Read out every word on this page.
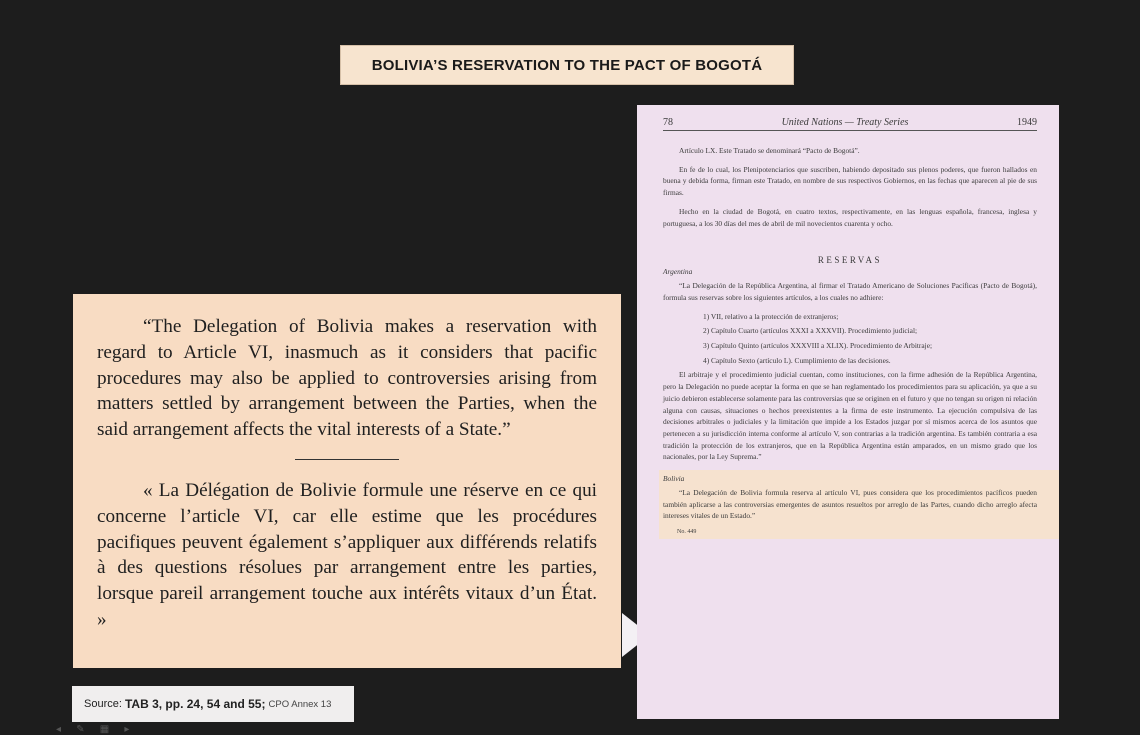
BOLIVIA’S RESERVATION TO THE PACT OF BOGOTÁ

“The Delegation of Bolivia makes a reservation with regard to Article VI, inasmuch as it considers that pacific procedures may also be applied to controversies arising from matters settled by arrangement between the Parties, when the said arrangement affects the vital interests of a State.”

« La Délégation de Bolivie formule une réserve en ce qui concerne l’article VI, car elle estime que les procédures pacifiques peuvent également s’appliquer aux différends relatifs à des questions résolues par arrangement entre les parties, lorsque pareil arrangement touche aux intérêts vitaux d’un État. »

Source:
TAB 3, pp. 24, 54 and 55;
CPO Annex 13
78	United Nations — Treaty Series	1949

Artículo LX. Este Tratado se denominará “Pacto de Bogotá”.

En fe de lo cual, los Plenipotenciarios que suscriben, habiendo depositado sus plenos poderes, que fueron hallados en buena y debida forma, firman este Tratado, en nombre de sus respectivos Gobiernos, en las fechas que aparecen al pie de sus firmas.

Hecho en la ciudad de Bogotá, en cuatro textos, respectivamente, en las lenguas española, francesa, inglesa y portuguesa, a los 30 días del mes de abril de mil novecientos cuarenta y ocho.

RESERVAS
Argentina

“La Delegación de la República Argentina, al firmar el Tratado Americano de Soluciones Pacíficas (Pacto de Bogotá), formula sus reservas sobre los siguientes artículos, a los cuales no adhiere:

1) VII, relativo a la protección de extranjeros;

2) Capítulo Cuarto (artículos XXXI a XXXVII). Procedimiento judicial;

3) Capítulo Quinto (artículos XXXVIII a XLIX). Procedimiento de Arbitraje;

4) Capítulo Sexto (artículo L). Cumplimiento de las decisiones.

El arbitraje y el procedimiento judicial cuentan, como instituciones, con la firme adhesión de la República Argentina, pero la Delegación no puede aceptar la forma en que se han reglamentado los procedimientos para su aplicación, ya que a su juicio debieron establecerse solamente para las controversias que se originen en el futuro y que no tengan su origen ni relación alguna con causas, situaciones o hechos preexistentes a la firma de este instrumento. La ejecución compulsiva de las decisiones arbitrales o judiciales y la limitación que impide a los Estados juzgar por sí mismos acerca de los asuntos que pertenecen a su jurisdicción interna conforme al artículo V, son contrarias a la tradición argentina. Es también contraria a esa tradición la protección de los extranjeros, que en la República Argentina están amparados, en un mismo grado que los nacionales, por la Ley Suprema.”

Bolivia

“La Delegación de Bolivia formula reserva al artículo VI, pues considera que los procedimientos pacíficos pueden también aplicarse a las controversias emergentes de asuntos resueltos por arreglo de las Partes, cuando dicho arreglo afecta intereses vitales de un Estado.”

No. 449
◂ ✎ ▦ ▸
